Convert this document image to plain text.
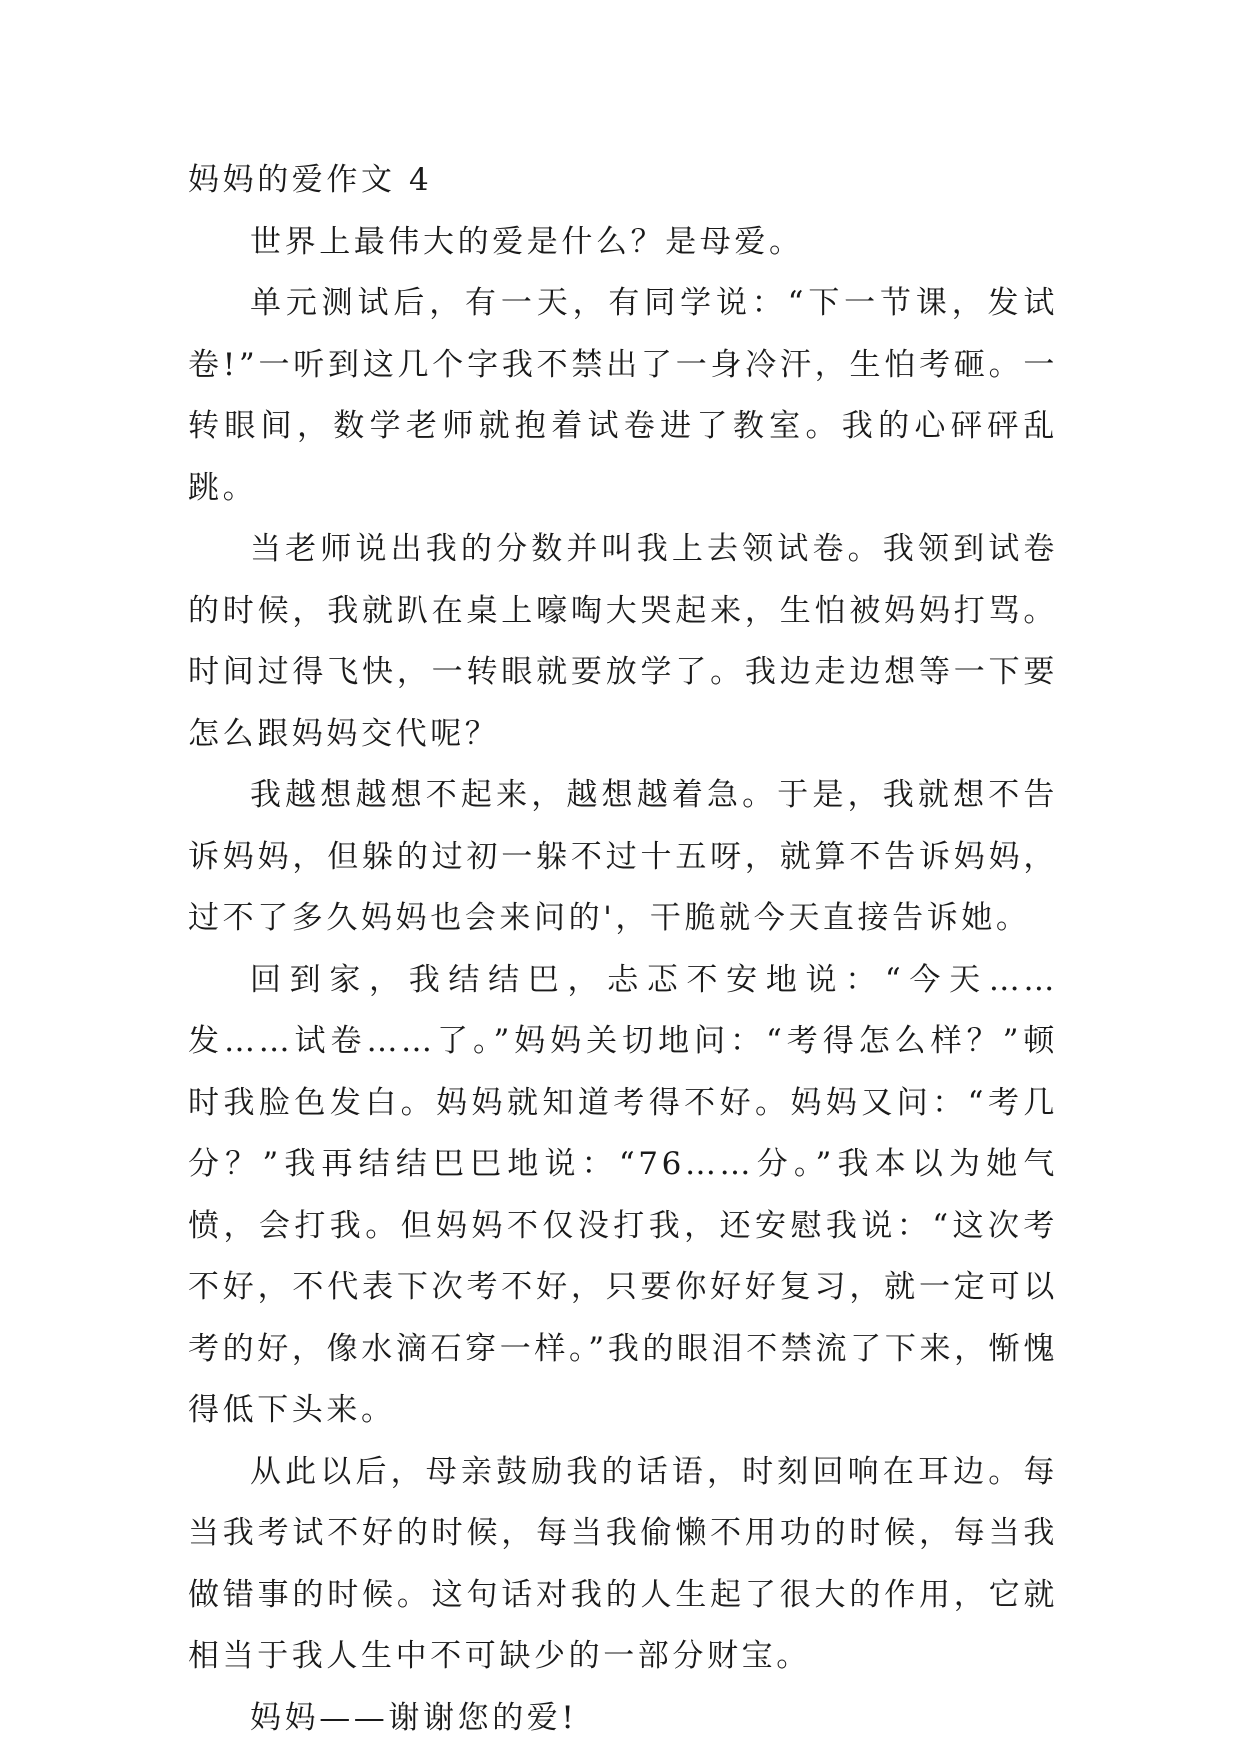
妈妈的爱作文 4

世界上最伟大的爱是什么？是母爱。

单元测试后，有一天，有同学说：“下一节课，发试卷!”一听到这几个字我不禁出了一身冷汗，生怕考砸。一转眼间，数学老师就抱着试卷进了教室。我的心砰砰乱跳。

当老师说出我的分数并叫我上去领试卷。我领到试卷的时候，我就趴在桌上嚎啕大哭起来，生怕被妈妈打骂。时间过得飞快，一转眼就要放学了。我边走边想等一下要怎么跟妈妈交代呢？

我越想越想不起来，越想越着急。于是，我就想不告诉妈妈，但躲的过初一躲不过十五呀，就算不告诉妈妈，过不了多久妈妈也会来问的'，干脆就今天直接告诉她。

回到家，我结结巴，忐忑不安地说：“今天……发……试卷……了。”妈妈关切地问：“考得怎么样？”顿时我脸色发白。妈妈就知道考得不好。妈妈又问：“考几分？”我再结结巴巴地说：“76……分。”我本以为她气愤，会打我。但妈妈不仅没打我，还安慰我说：“这次考不好，不代表下次考不好，只要你好好复习，就一定可以考的好，像水滴石穿一样。”我的眼泪不禁流了下来，惭愧得低下头来。

从此以后，母亲鼓励我的话语，时刻回响在耳边。每当我考试不好的时候，每当我偷懒不用功的时候，每当我做错事的时候。这句话对我的人生起了很大的作用，它就相当于我人生中不可缺少的一部分财宝。

妈妈——谢谢您的爱!
